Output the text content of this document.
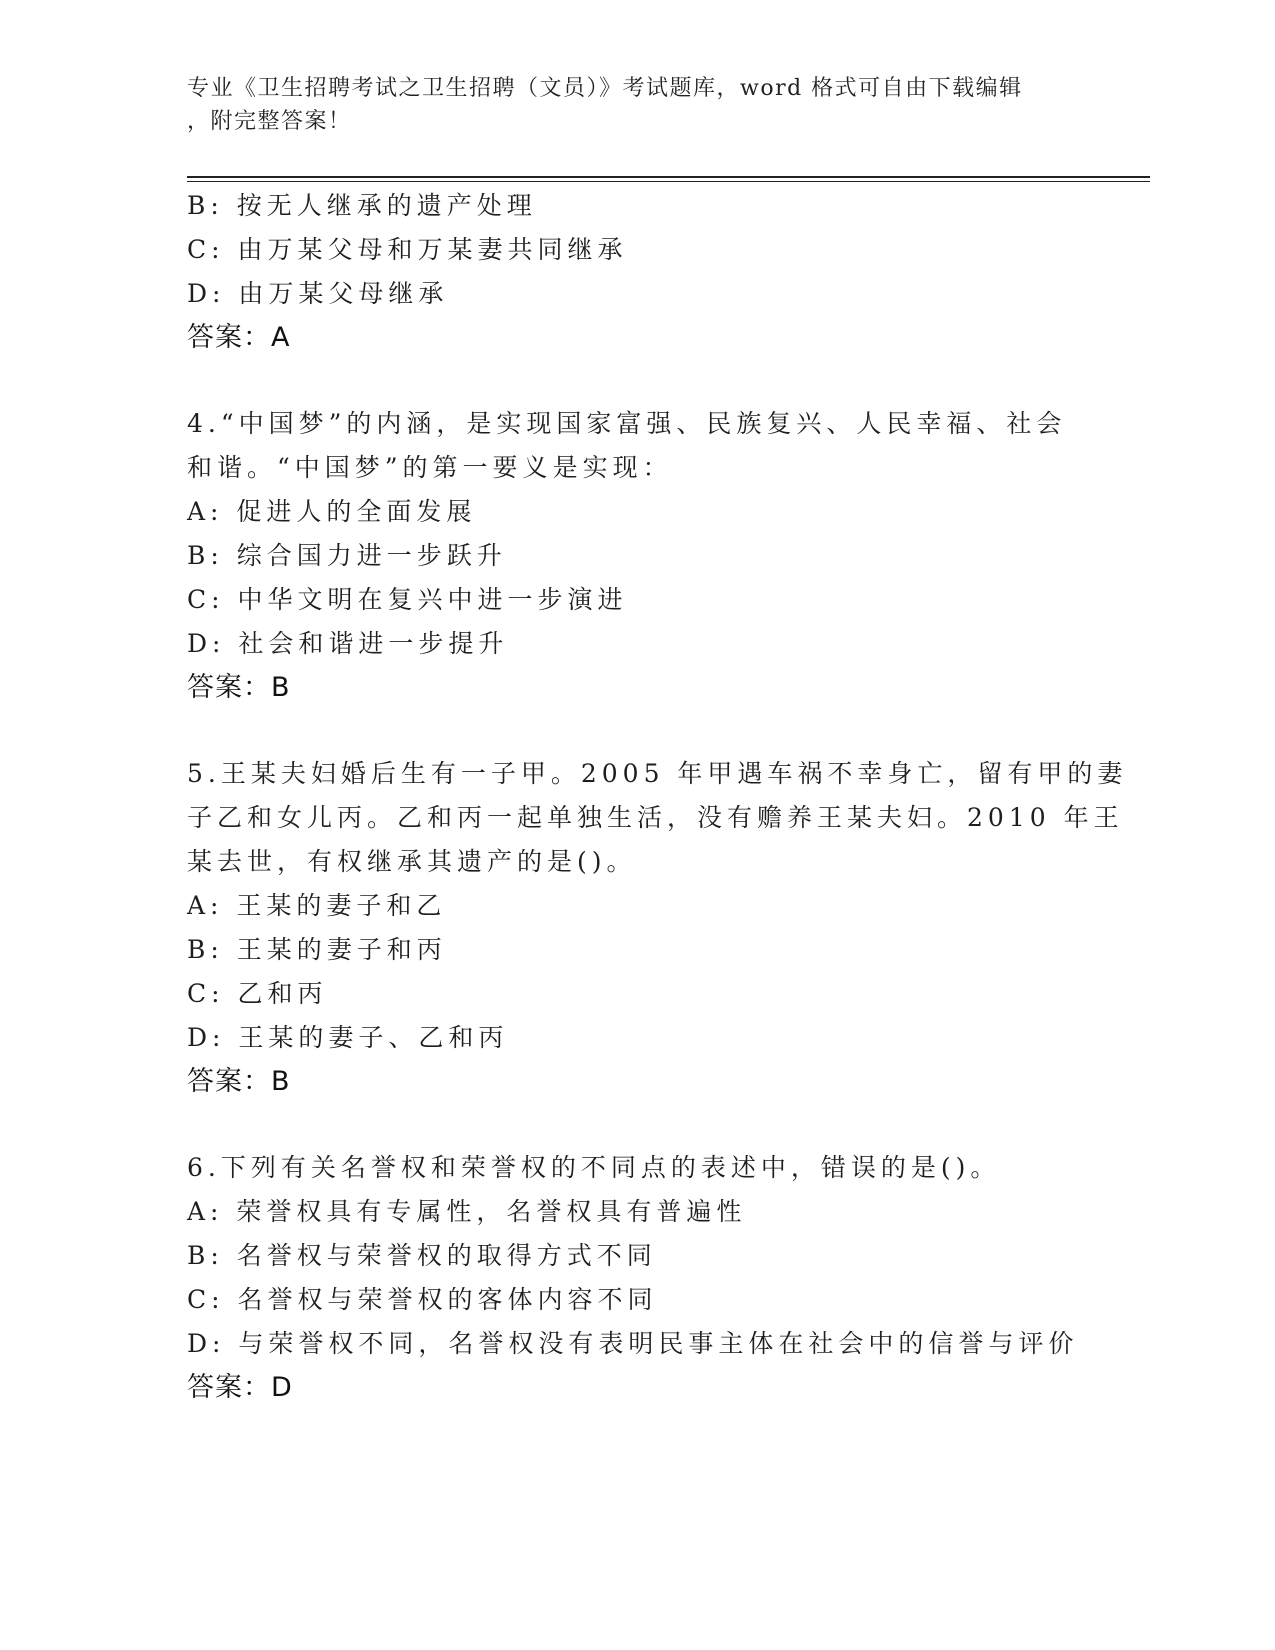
专业《卫生招聘考试之卫生招聘（文员）》考试题库，word 格式可自由下载编辑
，附完整答案！
B: 按无人继承的遗产处理
C: 由万某父母和万某妻共同继承
D: 由万某父母继承
答案：A
4.“中国梦”的内涵，是实现国家富强、民族复兴、人民幸福、社会
和谐。“中国梦”的第一要义是实现：
A: 促进人的全面发展
B: 综合国力进一步跃升
C: 中华文明在复兴中进一步演进
D: 社会和谐进一步提升
答案：B
5.王某夫妇婚后生有一子甲。2005 年甲遇车祸不幸身亡，留有甲的妻
子乙和女儿丙。乙和丙一起单独生活，没有赡养王某夫妇。2010 年王
某去世，有权继承其遗产的是()。
A: 王某的妻子和乙
B: 王某的妻子和丙
C: 乙和丙
D: 王某的妻子、乙和丙
答案：B
6.下列有关名誉权和荣誉权的不同点的表述中，错误的是()。
A: 荣誉权具有专属性，名誉权具有普遍性
B: 名誉权与荣誉权的取得方式不同
C: 名誉权与荣誉权的客体内容不同
D: 与荣誉权不同，名誉权没有表明民事主体在社会中的信誉与评价
答案：D
